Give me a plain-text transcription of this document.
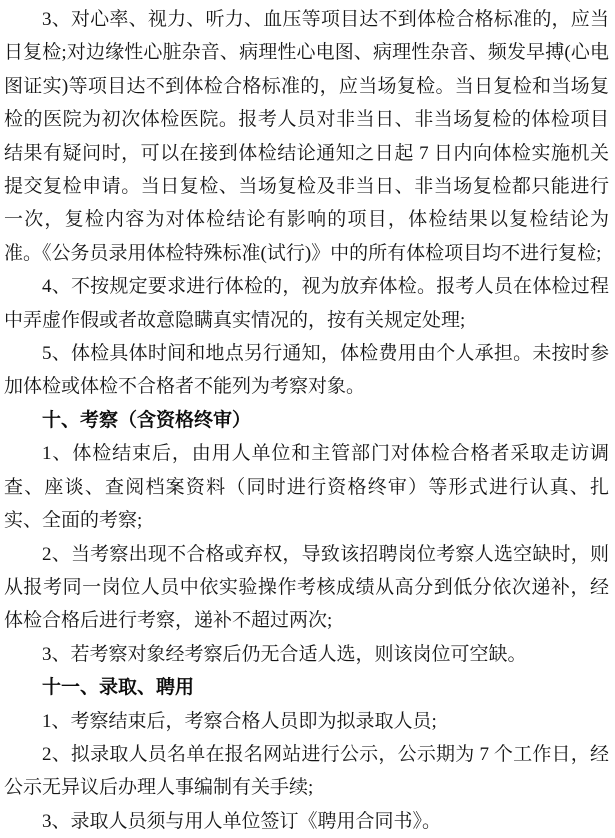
3、对心率、视力、听力、血压等项目达不到体检合格标准的，应当日复检;对边缘性心脏杂音、病理性心电图、病理性杂音、频发早搏(心电图证实)等项目达不到体检合格标准的，应当场复检。当日复检和当场复检的医院为初次体检医院。报考人员对非当日、非当场复检的体检项目结果有疑问时，可以在接到体检结论通知之日起 7 日内向体检实施机关提交复检申请。当日复检、当场复检及非当日、非当场复检都只能进行一次，复检内容为对体检结论有影响的项目，体检结果以复检结论为准。《公务员录用体检特殊标准(试行)》中的所有体检项目均不进行复检;

4、不按规定要求进行体检的，视为放弃体检。报考人员在体检过程中弄虚作假或者故意隐瞒真实情况的，按有关规定处理;

5、体检具体时间和地点另行通知，体检费用由个人承担。未按时参加体检或体检不合格者不能列为考察对象。

十、考察（含资格终审）

1、体检结束后，由用人单位和主管部门对体检合格者采取走访调查、座谈、查阅档案资料（同时进行资格终审）等形式进行认真、扎实、全面的考察;

2、当考察出现不合格或弃权，导致该招聘岗位考察人选空缺时，则从报考同一岗位人员中依实验操作考核成绩从高分到低分依次递补，经体检合格后进行考察，递补不超过两次;

3、若考察对象经考察后仍无合适人选，则该岗位可空缺。

十一、录取、聘用

1、考察结束后，考察合格人员即为拟录取人员;

2、拟录取人员名单在报名网站进行公示，公示期为 7 个工作日，经公示无异议后办理人事编制有关手续;

3、录取人员须与用人单位签订《聘用合同书》。
